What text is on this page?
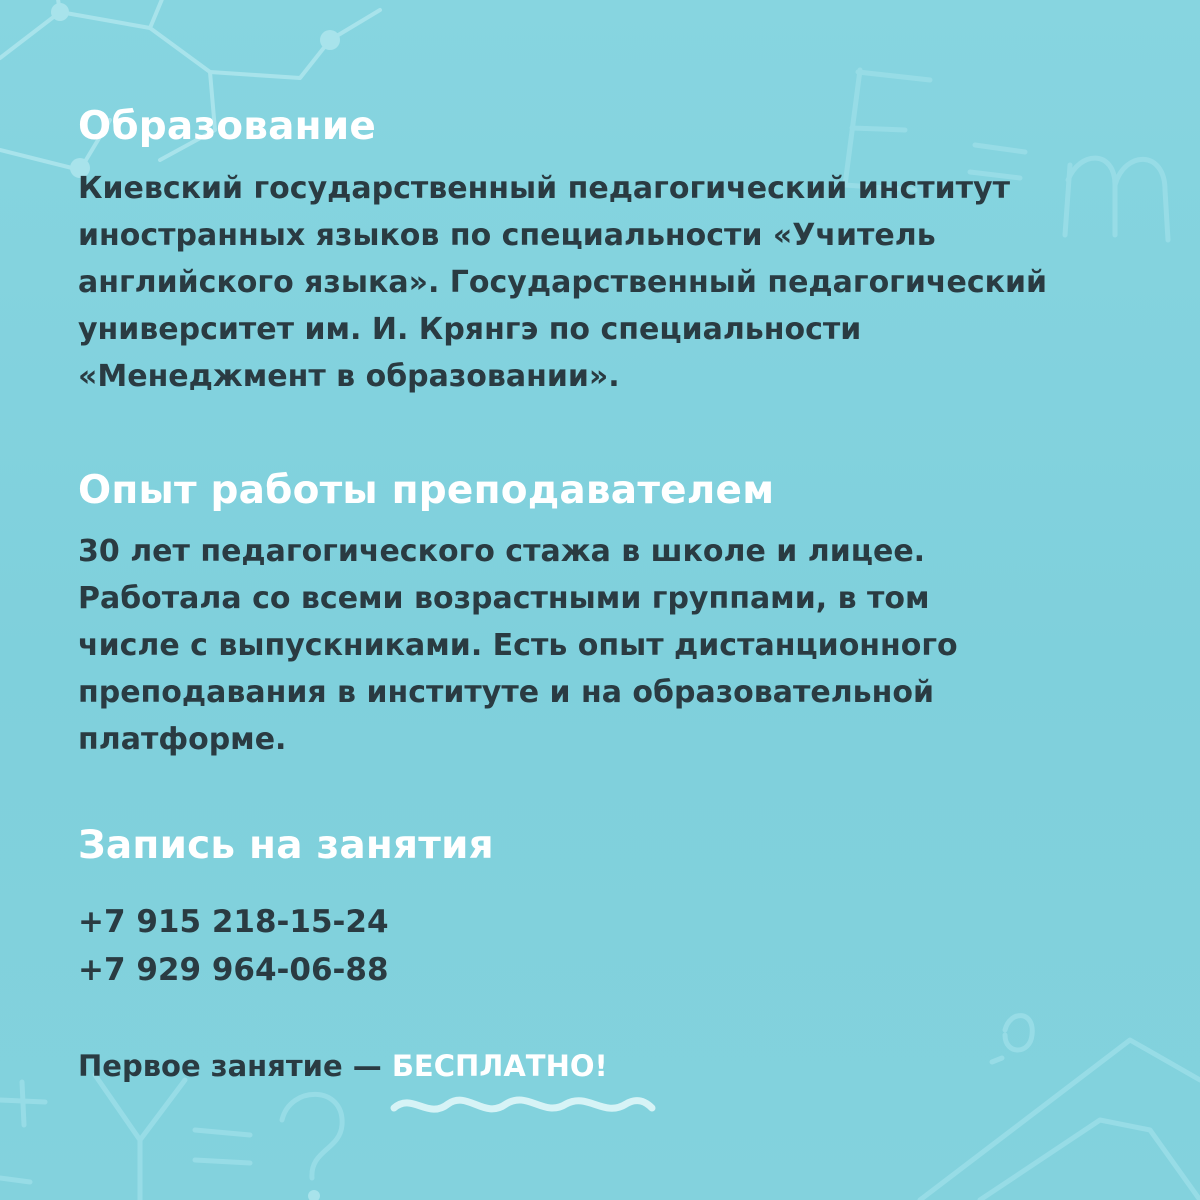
Образование
Киевский государственный педагогический институт
иностранных языков по специальности «Учитель
английского языка». Государственный педагогический
университет им. И. Крянгэ по специальности
«Менеджмент в образовании».
Опыт работы преподавателем
30 лет педагогического стажа в школе и лицее.
Работала со всеми возрастными группами, в том
числе с выпускниками. Есть опыт дистанционного
преподавания в институте и на образовательной
платформе.
Запись на занятия
+7 915 218-15-24
+7 929 964-06-88

Первое занятие — БЕСПЛАТНО!
